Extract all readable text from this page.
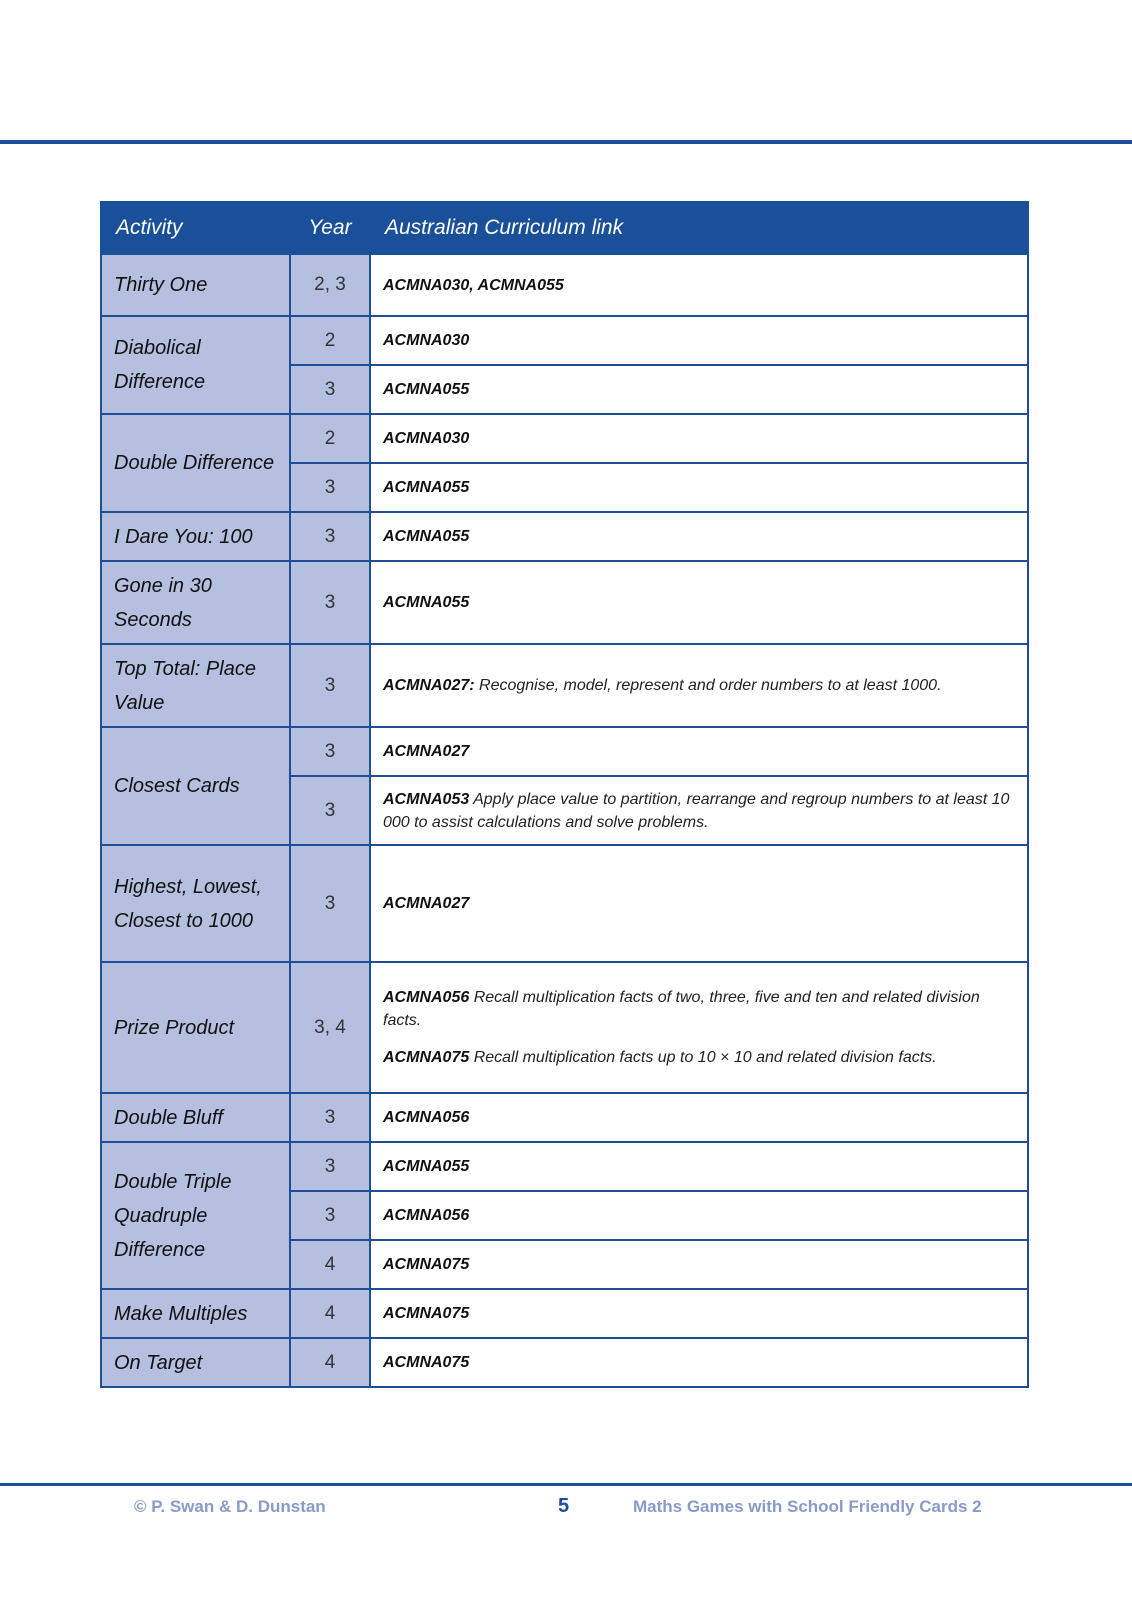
Activity	Year	Australian Curriculum link
Thirty One	2, 3	ACMNA030, ACMNA055
Diabolical Difference	2	ACMNA030
	3	ACMNA055
Double Difference	2	ACMNA030
	3	ACMNA055
I Dare You: 100	3	ACMNA055
Gone in 30 Seconds	3	ACMNA055
Top Total: Place Value	3	ACMNA027: Recognise, model, represent and order numbers to at least 1000.
Closest Cards	3	ACMNA027
	3	ACMNA053 Apply place value to partition, rearrange and regroup numbers to at least 10 000 to assist calculations and solve problems.
Highest, Lowest, Closest to 1000	3	ACMNA027
Prize Product	3, 4	ACMNA056 Recall multiplication facts of two, three, five and ten and related division facts.
ACMNA075 Recall multiplication facts up to 10 × 10 and related division facts.

Double Bluff	3	ACMNA056
Double Triple Quadruple Difference	3	ACMNA055
	3	ACMNA056
	4	ACMNA075
Make Multiples	4	ACMNA075
On Target	4	ACMNA075
© P. Swan & D. Dunstan	5	Maths Games with School Friendly Cards 2
